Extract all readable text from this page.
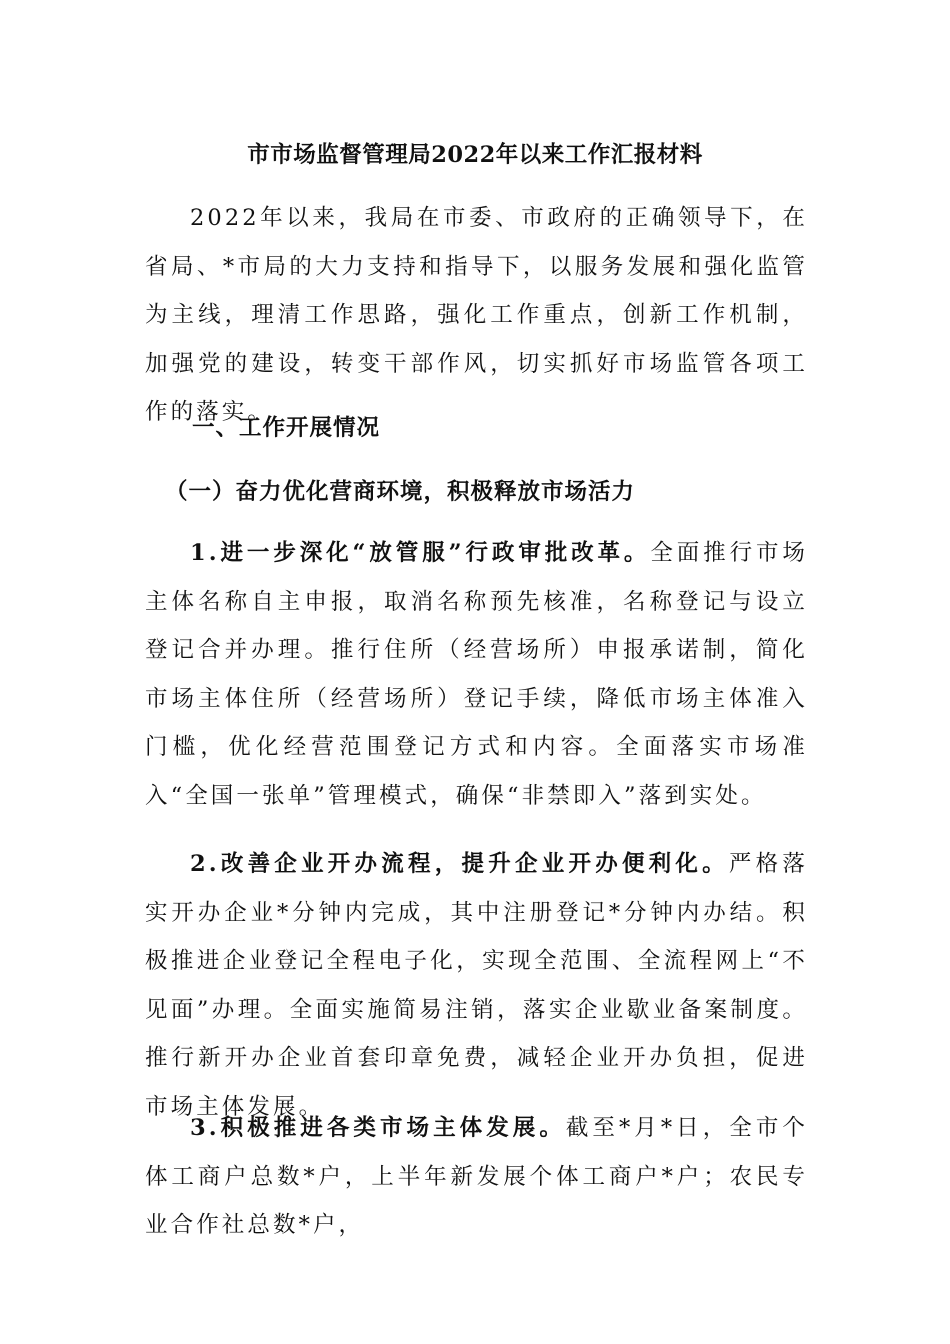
市市场监督管理局2022年以来工作汇报材料
2022年以来，我局在市委、市政府的正确领导下，在省局、*市局的大力支持和指导下，以服务发展和强化监管为主线，理清工作思路，强化工作重点，创新工作机制，加强党的建设，转变干部作风，切实抓好市场监管各项工作的落实。
一、工作开展情况
（一）奋力优化营商环境，积极释放市场活力
1.进一步深化“放管服”行政审批改革。全面推行市场主体名称自主申报，取消名称预先核准，名称登记与设立登记合并办理。推行住所（经营场所）申报承诺制，简化市场主体住所（经营场所）登记手续，降低市场主体准入门槛，优化经营范围登记方式和内容。全面落实市场准入“全国一张单”管理模式，确保“非禁即入”落到实处。
2.改善企业开办流程，提升企业开办便利化。严格落实开办企业*分钟内完成，其中注册登记*分钟内办结。积极推进企业登记全程电子化，实现全范围、全流程网上“不见面”办理。全面实施简易注销，落实企业歇业备案制度。推行新开办企业首套印章免费，减轻企业开办负担，促进市场主体发展。
3.积极推进各类市场主体发展。截至*月*日，全市个体工商户总数*户，上半年新发展个体工商户*户；农民专业合作社总数*户，
